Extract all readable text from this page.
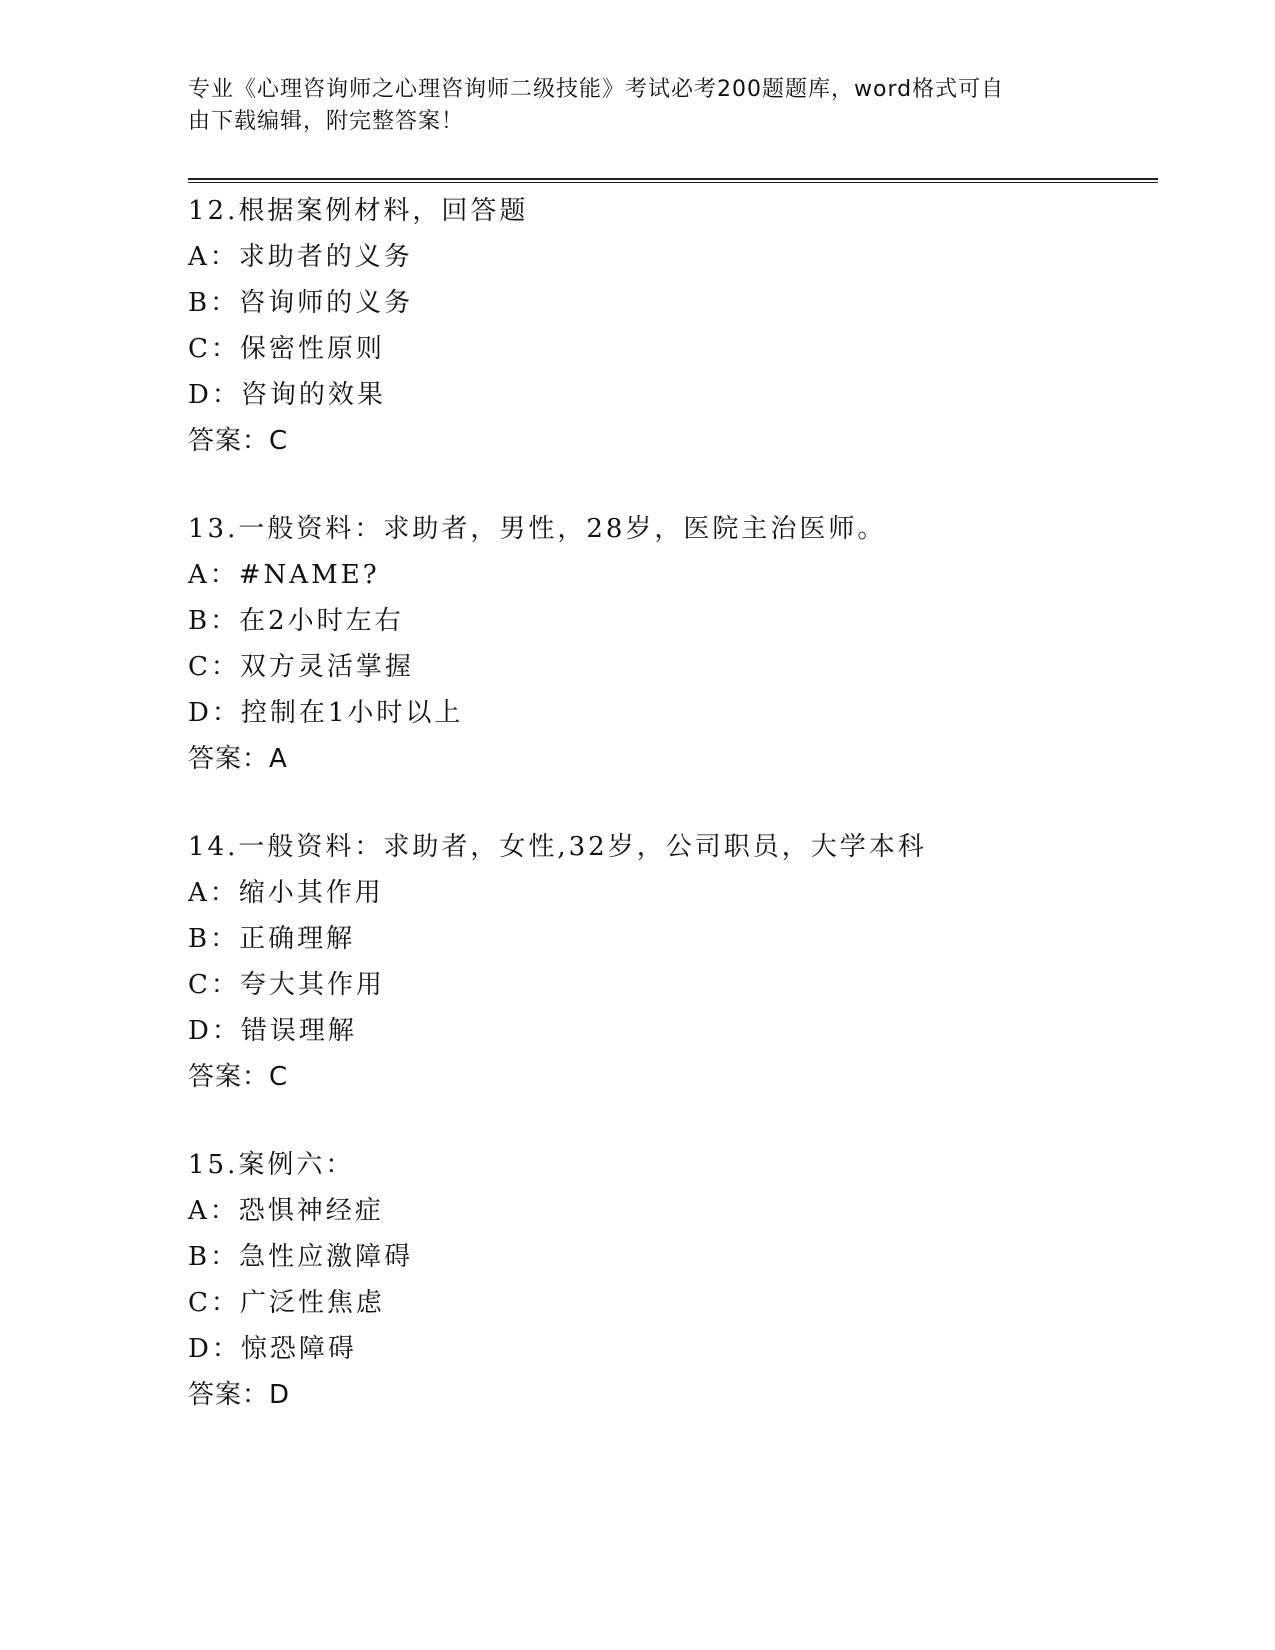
专业《心理咨询师之心理咨询师二级技能》考试必考200题题库，word格式可自
由下载编辑，附完整答案！
12.根据案例材料，回答题
A：求助者的义务
B：咨询师的义务
C：保密性原则
D：咨询的效果
答案：C
13.一般资料：求助者，男性，28岁，医院主治医师。
A：#NAME?
B：在2小时左右
C：双方灵活掌握
D：控制在1小时以上
答案：A
14.一般资料：求助者，女性,32岁，公司职员，大学本科
A：缩小其作用
B：正确理解
C：夸大其作用
D：错误理解
答案：C
15.案例六：
A：恐惧神经症
B：急性应激障碍
C：广泛性焦虑
D：惊恐障碍
答案：D
